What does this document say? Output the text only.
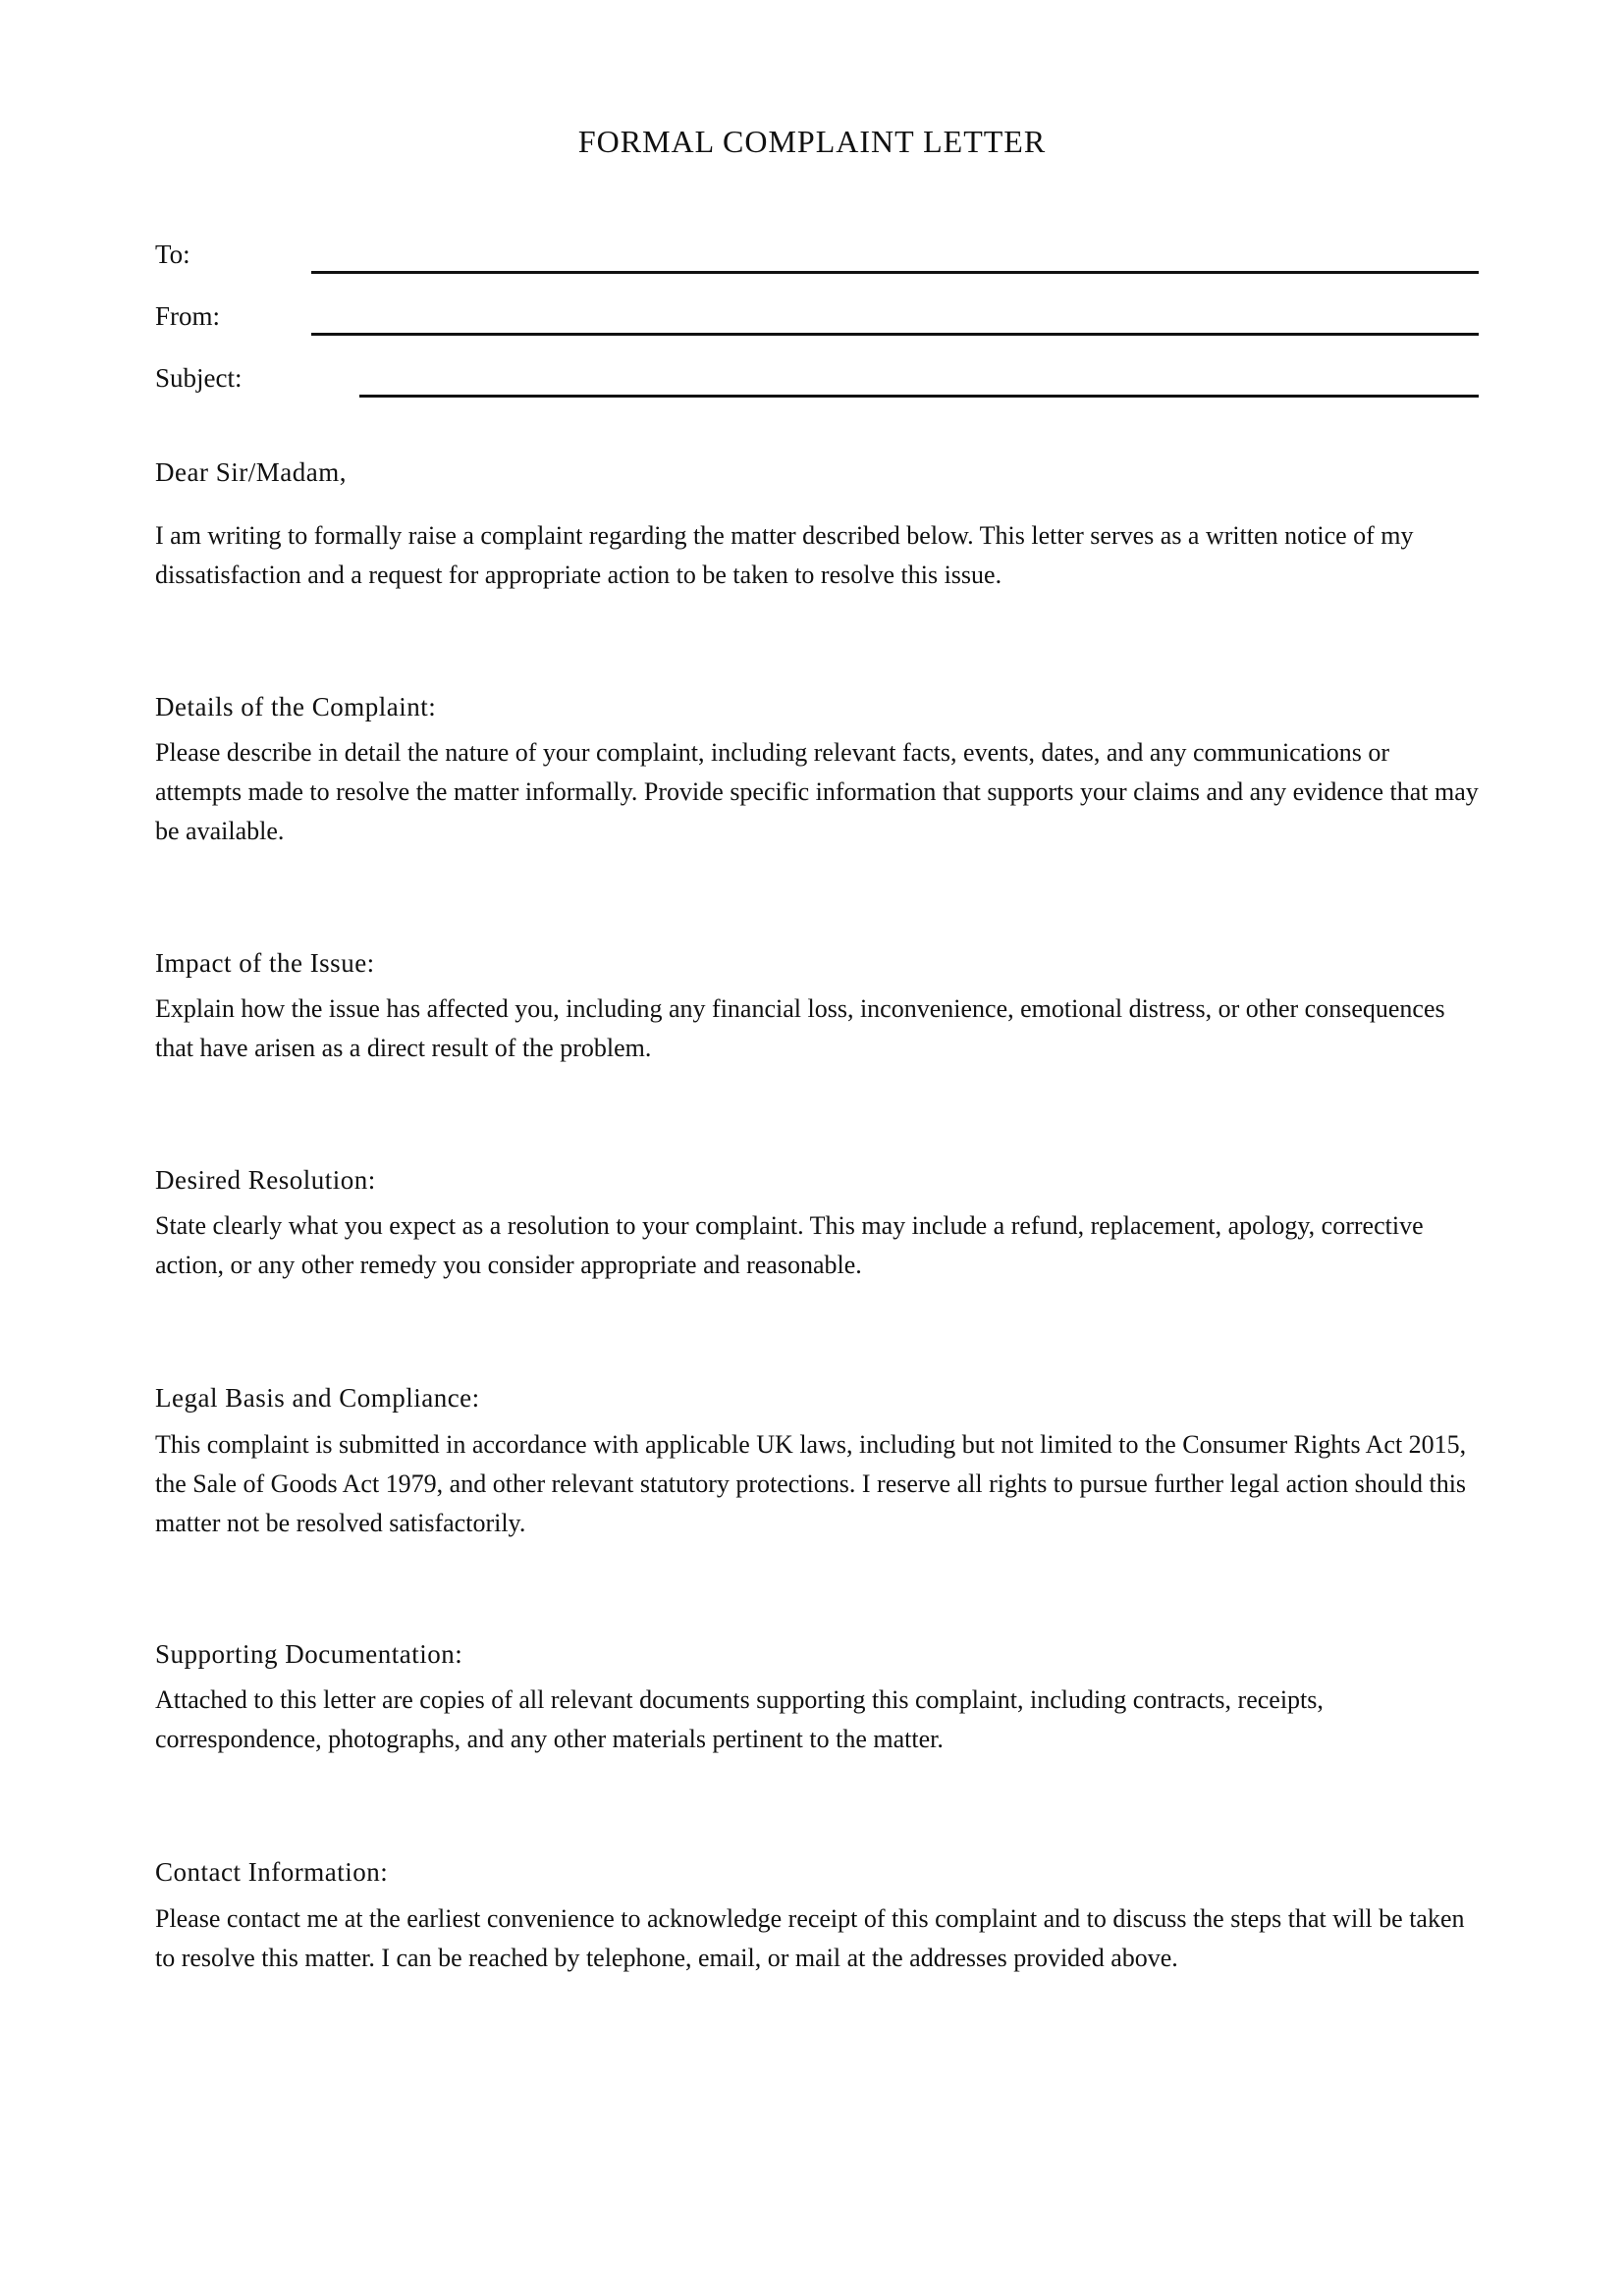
FORMAL COMPLAINT LETTER
To:
From:
Subject:
Dear Sir/Madam,

I am writing to formally raise a complaint regarding the matter described below. This letter serves as a written notice of my dissatisfaction and a request for appropriate action to be taken to resolve this issue.

Details of the Complaint:

Please describe in detail the nature of your complaint, including relevant facts, events, dates, and any communications or attempts made to resolve the matter informally. Provide specific information that supports your claims and any evidence that may be available.

Impact of the Issue:

Explain how the issue has affected you, including any financial loss, inconvenience, emotional distress, or other consequences that have arisen as a direct result of the problem.

Desired Resolution:

State clearly what you expect as a resolution to your complaint. This may include a refund, replacement, apology, corrective action, or any other remedy you consider appropriate and reasonable.

Legal Basis and Compliance:

This complaint is submitted in accordance with applicable UK laws, including but not limited to the Consumer Rights Act 2015, the Sale of Goods Act 1979, and other relevant statutory protections. I reserve all rights to pursue further legal action should this matter not be resolved satisfactorily.

Supporting Documentation:

Attached to this letter are copies of all relevant documents supporting this complaint, including contracts, receipts, correspondence, photographs, and any other materials pertinent to the matter.

Contact Information:

Please contact me at the earliest convenience to acknowledge receipt of this complaint and to discuss the steps that will be taken to resolve this matter. I can be reached by telephone, email, or mail at the addresses provided above.
